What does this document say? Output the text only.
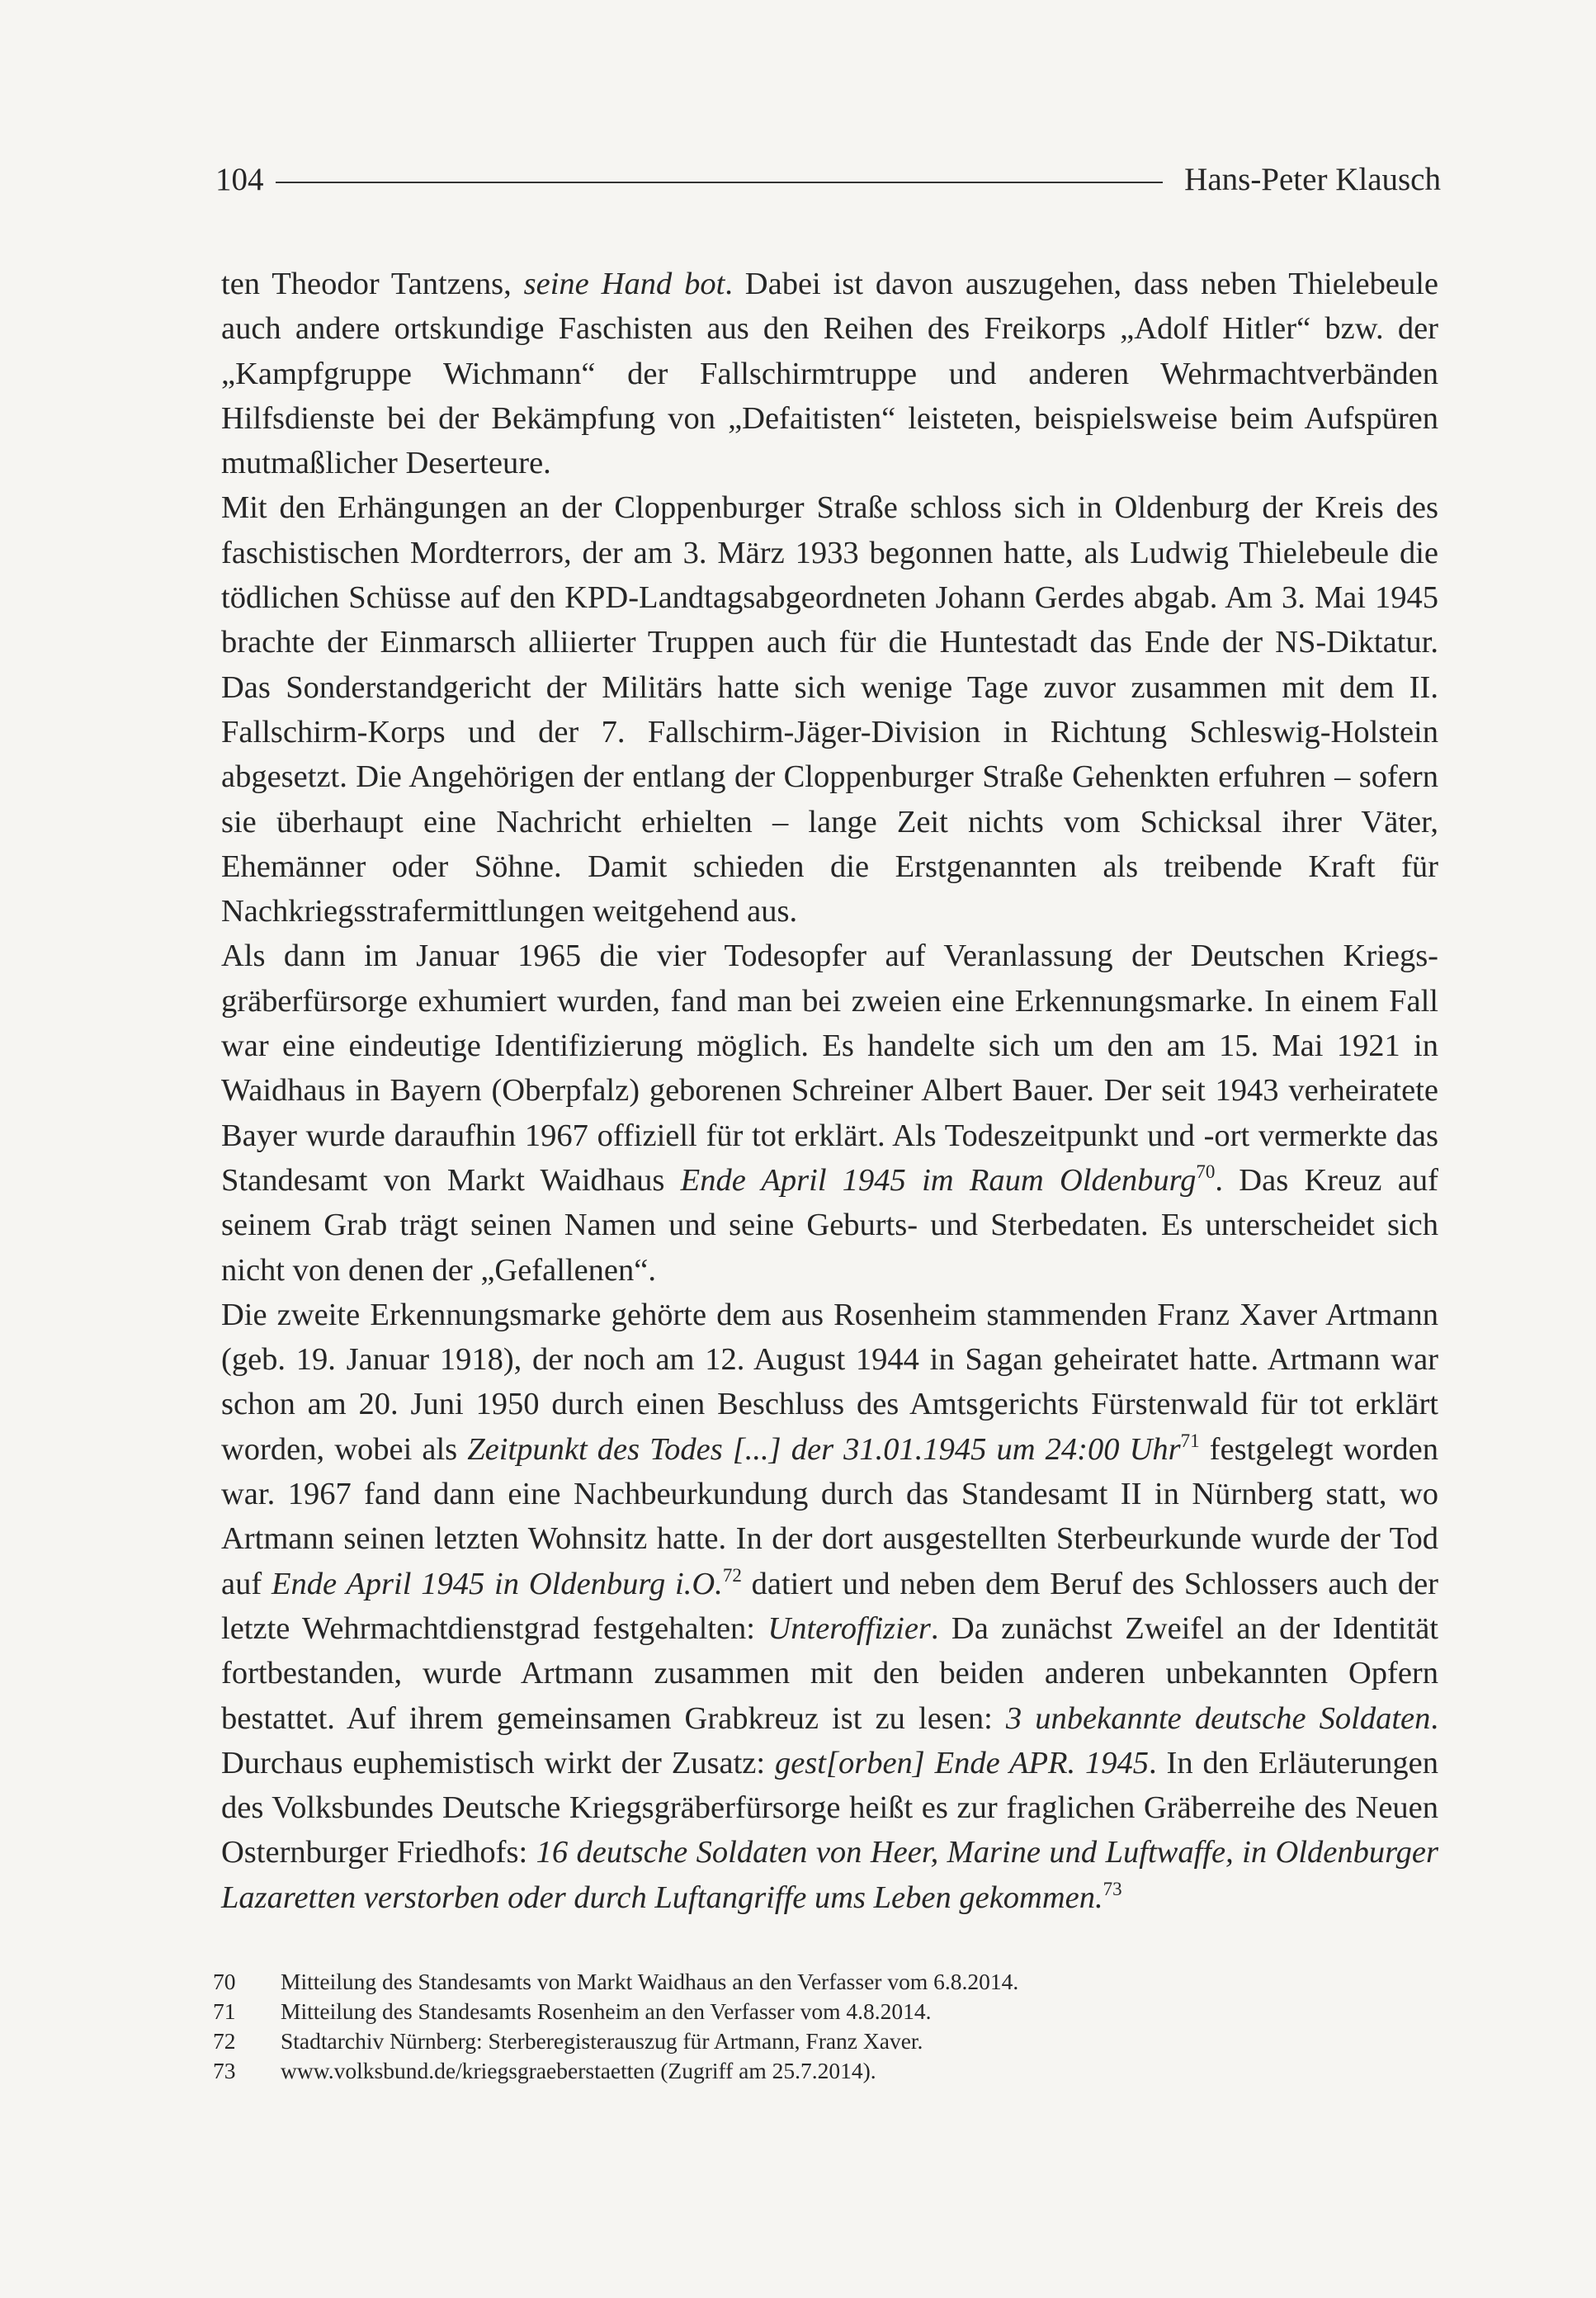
104	Hans-Peter Klausch

ten Theodor Tantzens, seine Hand bot. Dabei ist davon auszugehen, dass neben Thielebeule auch andere ortskundige Faschisten aus den Reihen des Freikorps „Adolf Hitler“ bzw. der „Kampfgruppe Wichmann“ der Fallschirmtruppe und anderen Wehrmachtverbänden Hilfsdienste bei der Bekämpfung von „Defaitisten“ leisteten, beispielsweise beim Aufspüren mutmaßlicher Deserteure.

Mit den Erhängungen an der Cloppenburger Straße schloss sich in Oldenburg der Kreis des faschistischen Mordterrors, der am 3. März 1933 begonnen hatte, als Ludwig Thielebeule die tödlichen Schüsse auf den KPD-Landtagsabgeordneten Johann Gerdes abgab. Am 3. Mai 1945 brachte der Einmarsch alliierter Truppen auch für die Huntestadt das Ende der NS-Diktatur. Das Sonderstandgericht der Militärs hatte sich wenige Tage zuvor zusammen mit dem II. Fallschirm-Korps und der 7. Fallschirm-Jäger-Division in Richtung Schleswig-Holstein abgesetzt. Die Angehörigen der entlang der Cloppenburger Straße Gehenkten erfuhren – sofern sie überhaupt eine Nachricht erhielten – lange Zeit nichts vom Schicksal ihrer Väter, Ehemänner oder Söhne. Damit schieden die Erstgenannten als treibende Kraft für Nachkriegsstrafermittlungen weitgehend aus.

Als dann im Januar 1965 die vier Todesopfer auf Veranlassung der Deutschen Kriegsgräberfürsorge exhumiert wurden, fand man bei zweien eine Erkennungsmarke. In einem Fall war eine eindeutige Identifizierung möglich. Es handelte sich um den am 15. Mai 1921 in Waidhaus in Bayern (Oberpfalz) geborenen Schreiner Albert Bauer. Der seit 1943 verheiratete Bayer wurde daraufhin 1967 offiziell für tot erklärt. Als Todeszeitpunkt und -ort vermerkte das Standesamt von Markt Waidhaus Ende April 1945 im Raum Oldenburg$^{70}$. Das Kreuz auf seinem Grab trägt seinen Namen und seine Geburts- und Sterbedaten. Es unterscheidet sich nicht von denen der „Gefallenen“.

Die zweite Erkennungsmarke gehörte dem aus Rosenheim stammenden Franz Xaver Artmann (geb. 19. Januar 1918), der noch am 12. August 1944 in Sagan geheiratet hatte. Artmann war schon am 20. Juni 1950 durch einen Beschluss des Amtsgerichts Fürstenwald für tot erklärt worden, wobei als Zeitpunkt des Todes [...] der 31.01.1945 um 24:00 Uhr$^{71}$ festgelegt worden war. 1967 fand dann eine Nachbeurkundung durch das Standesamt II in Nürnberg statt, wo Artmann seinen letzten Wohnsitz hatte. In der dort ausgestellten Sterbeurkunde wurde der Tod auf Ende April 1945 in Oldenburg i.O.$^{72}$ datiert und neben dem Beruf des Schlossers auch der letzte Wehrmachtdienstgrad festgehalten: Unteroffizier. Da zunächst Zweifel an der Identität fortbestanden, wurde Artmann zusammen mit den beiden anderen unbekannten Opfern bestattet. Auf ihrem gemeinsamen Grabkreuz ist zu lesen: 3 unbekannte deutsche Soldaten. Durchaus euphemistisch wirkt der Zusatz: gest[orben] Ende APR. 1945. In den Erläuterungen des Volksbundes Deutsche Kriegsgräberfürsorge heißt es zur fraglichen Gräberreihe des Neuen Osternburger Friedhofs: 16 deutsche Soldaten von Heer, Marine und Luftwaffe, in Oldenburger Lazaretten verstorben oder durch Luftangriffe ums Leben gekommen.$^{73}$

70	Mitteilung des Standesamts von Markt Waidhaus an den Verfasser vom 6.8.2014.
71	Mitteilung des Standesamts Rosenheim an den Verfasser vom 4.8.2014.
72	Stadtarchiv Nürnberg: Sterberegisterauszug für Artmann, Franz Xaver.
73	www.volksbund.de/kriegsgraeberstaetten (Zugriff am 25.7.2014).
